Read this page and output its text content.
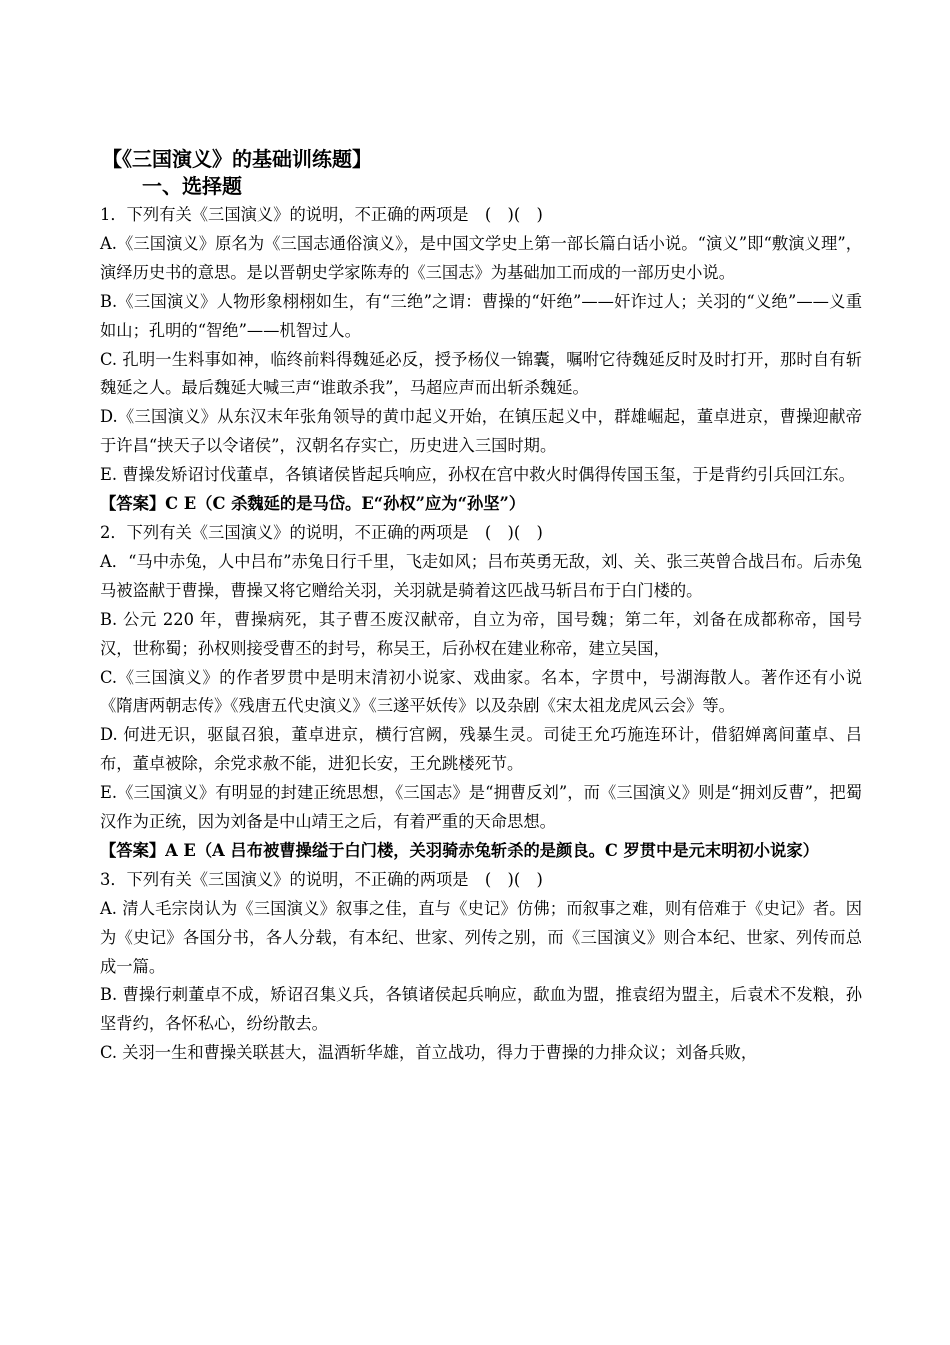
【《三国演义》的基础训练题】
一、选择题

1．下列有关《三国演义》的说明，不正确的两项是　(　)(　)

A.《三国演义》原名为《三国志通俗演义》，是中国文学史上第一部长篇白话小说。“演义”即“敷演义理”，演绎历史书的意思。是以晋朝史学家陈寿的《三国志》为基础加工而成的一部历史小说。

B.《三国演义》人物形象栩栩如生，有“三绝”之谓：曹操的“奸绝”——奸诈过人；关羽的“义绝”——义重如山；孔明的“智绝”——机智过人。

C. 孔明一生料事如神，临终前料得魏延必反，授予杨仪一锦囊，嘱咐它待魏延反时及时打开，那时自有斩魏延之人。最后魏延大喊三声“谁敢杀我”，马超应声而出斩杀魏延。

D.《三国演义》从东汉末年张角领导的黄巾起义开始，在镇压起义中，群雄崛起，董卓进京，曹操迎献帝于许昌“挟天子以令诸侯”，汉朝名存实亡，历史进入三国时期。

E. 曹操发矫诏讨伐董卓，各镇诸侯皆起兵响应，孙权在宫中救火时偶得传国玉玺，于是背约引兵回江东。

【答案】C E（C 杀魏延的是马岱。E“孙权”应为“孙坚”）

2．下列有关《三国演义》的说明，不正确的两项是　(　)(　)

A．“马中赤兔，人中吕布”赤兔日行千里，飞走如风；吕布英勇无敌，刘、关、张三英曾合战吕布。后赤兔马被盗献于曹操，曹操又将它赠给关羽，关羽就是骑着这匹战马斩吕布于白门楼的。

B. 公元 220 年，曹操病死，其子曹丕废汉献帝，自立为帝，国号魏；第二年，刘备在成都称帝，国号汉，世称蜀；孙权则接受曹丕的封号，称吴王，后孙权在建业称帝，建立吴国，

C.《三国演义》的作者罗贯中是明末清初小说家、戏曲家。名本，字贯中，号湖海散人。著作还有小说《隋唐两朝志传》《残唐五代史演义》《三遂平妖传》以及杂剧《宋太祖龙虎风云会》等。

D. 何进无识，驱鼠召狼，董卓进京，横行宫阙，残暴生灵。司徒王允巧施连环计，借貂婵离间董卓、吕布，董卓被除，余党求赦不能，进犯长安，王允跳楼死节。

E.《三国演义》有明显的封建正统思想，《三国志》是“拥曹反刘”，而《三国演义》则是“拥刘反曹”，把蜀汉作为正统，因为刘备是中山靖王之后，有着严重的天命思想。

【答案】A E（A 吕布被曹操缢于白门楼，关羽骑赤兔斩杀的是颜良。C 罗贯中是元末明初小说家）

3．下列有关《三国演义》的说明，不正确的两项是　(　)(　)

A. 清人毛宗岗认为《三国演义》叙事之佳，直与《史记》仿佛；而叙事之难，则有倍难于《史记》者。因为《史记》各国分书，各人分载，有本纪、世家、列传之别，而《三国演义》则合本纪、世家、列传而总成一篇。

B. 曹操行刺董卓不成，矫诏召集义兵，各镇诸侯起兵响应，歃血为盟，推袁绍为盟主，后袁术不发粮，孙坚背约，各怀私心，纷纷散去。

C. 关羽一生和曹操关联甚大，温酒斩华雄，首立战功，得力于曹操的力排众议；刘备兵败，
